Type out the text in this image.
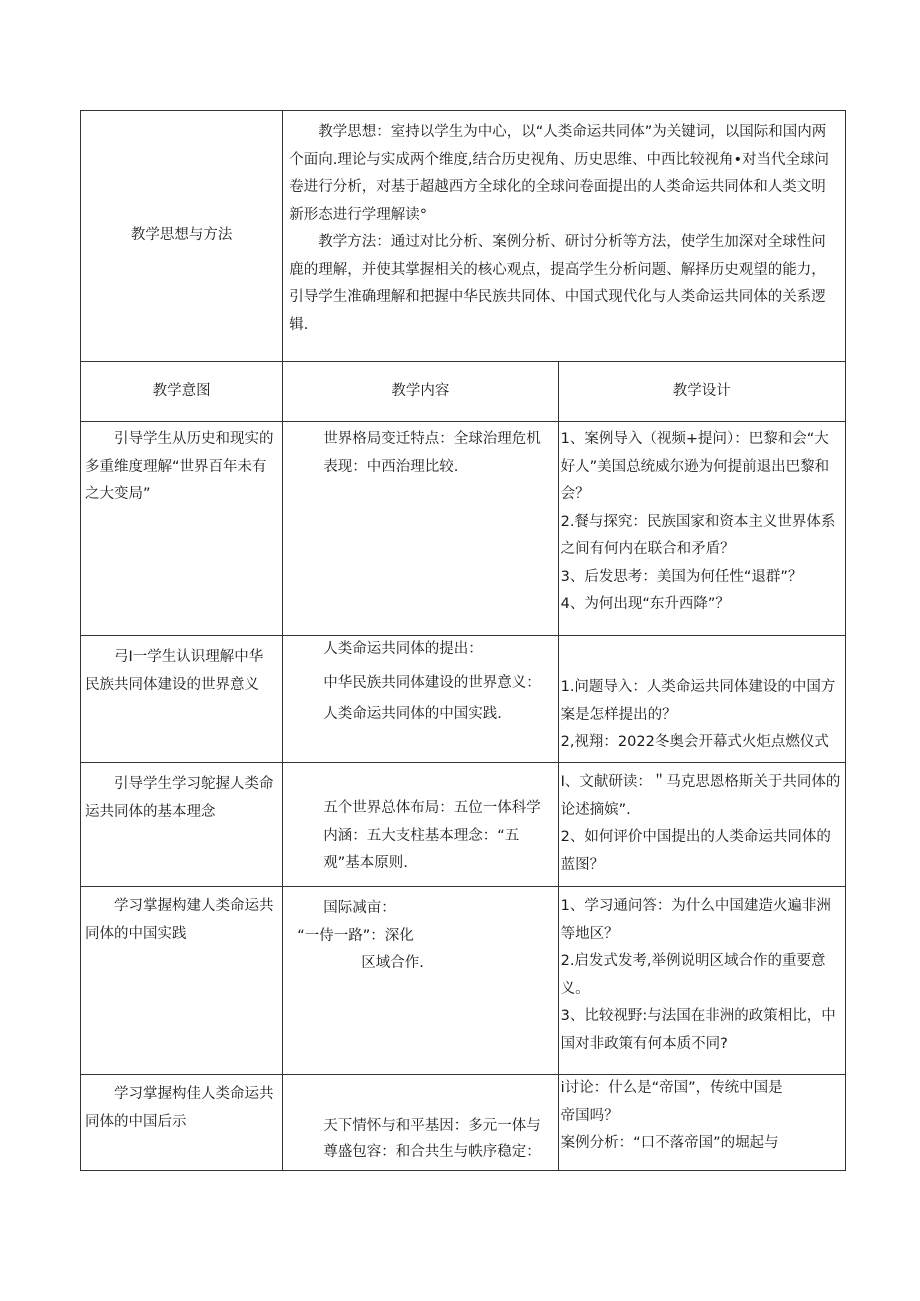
教学思想与方法	教学思想：室持以学生为中心，以“人类命运共同体”为关键词，以国际和国内两个面向.理论与实成两个维度,结合历史视角、历史思维、中西比较视角•对当代全球问卷进行分析，对基于超越西方全球化的全球问卷面提出的人类命运共同体和人类文明新形态进行学理解读°

教学方法：通过对比分析、案例分析、研讨分析等方法，使学生加深对全球性问鹿的理解，并使其掌握相关的核心观点，提高学生分析问题、解择历史观望的能力，引导学生准确理解和把握中华民族共同体、中国式现代化与人类命运共同体的关系逻辑.	

教学意图	教学内容	教学设计

引导学生从历史和现实的多重维度理解“世界百年未有之大变局”	世界格局变迁特点：全球治理危机表现：中西治理比较.	1、案例导入（视频+提问）：巴黎和会“大好人”美国总统威尔逊为何提前退出巴黎和会？
2.餐与探究：民族国家和资本主义世界体系之间有何内在联合和矛盾？
3、后发思考：美国为何任性“退群”？
4、为何出现“东升西降”？

弓I一学生认识理解中华民族共同体建设的世界意义	人类命运共同体的提出：
中华民族共同体建设的世界意义：
人类命运共同体的中国实践.	1.问题导入：人类命运共同体建设的中国方案是怎样提出的？
2,视翔：2022冬奥会开幕式火炬点燃仪式

引导学生学习鸵握人类命运共同体的基本理念	五个世界总体布局：五位一体科学内涵：五大支柱基本理念：“五观”基本原则.	I、文献研读：＂马克思恩格斯关于共同体的论述摘嫔”.
2、如何评价中国提出的人类命运共同体的蓝图？

学习掌握构建人类命运共同体的中国实践	国际减亩：
“一侍一路”：深化
区域合作.	1、学习通问答：为什么中国建造火遍非洲等地区？
2.启发式发考,举例说明区域合作的重要意义。
3、比较视野:与法国在非洲的政策相比，中国对非政策有何本质不同?

学习掌握构佳人类命运共同体的中国后示	天下情怀与和平基因：多元一体与尊盛包容：和合共生与帙序稳定：	i讨论：什么是“帝国”，传统中国是
帝国吗？
案例分析：“口不落帝国”的堀起与
